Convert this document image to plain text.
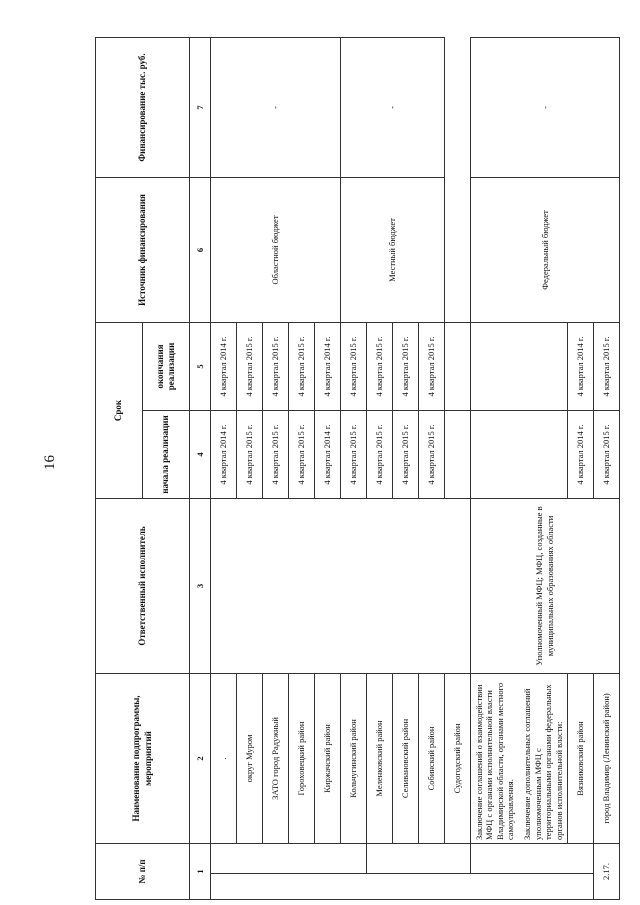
16
№ п/п		Наименование подпрограммы, мероприятий	Ответственный исполнитель	Срок		Источник финансирования	Финансирование тыс. руб.
				начала реализации	окончания реализации		
1		2	3	4	5	6	7
		.		4 квартал 2014 г.	4 квартал 2014 г.	Областной бюджет	-
		округ Муром		4 квартал 2015 г.	4 квартал 2015 г.		
		ЗАТО город Радужный		4 квартал 2015 г.	4 квартал 2015 г.		
		Гороховецкий район		4 квартал 2015 г.	4 квартал 2015 г.		
		Киржачский район		4 квартал 2014 г.	4 квартал 2014 г.		
		Кольчугинский район		4 квартал 2015 г.	4 квартал 2015 г.	Местный бюджет	-
		Меленковский район		4 квартал 2015 г.	4 квартал 2015 г.		
		Селивановский район		4 квартал 2015 г.	4 квартал 2015 г.		
		Собинский район		4 квартал 2015 г.	4 квартал 2015 г.		
		Судогодский район					

		Заключение соглашений о взаимодействии МФЦ с органами исполнительной власти Владимирской области, органами местного самоуправления. Заключение дополнительных соглашений уполномоченным МФЦ с территориальными органами федеральных органов исполнительной власти:	Уполномоченный МФЦ; МФЦ, созданные в муниципальных образованиях области			Федеральный бюджет	-
		Вязниковский район		4 квартал 2014 г.	4 квартал 2014 г.		
2.17.		город Владимир (Ленинский район)		4 квартал 2015 г.	4 квартал 2015 г.		
